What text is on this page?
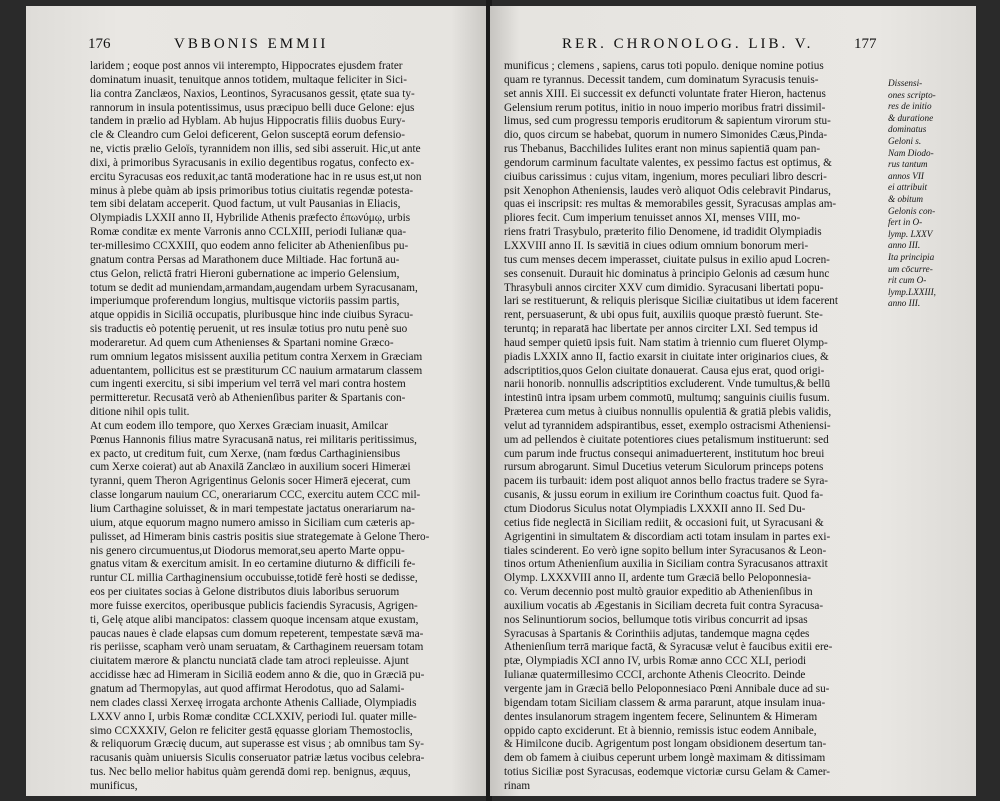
176	VBBONIS EMMII
laridem ; eoque post annos vii interempto, Hippocrates ejusdem frater
dominatum inuasit, tenuitque annos totidem, multaque feliciter in Sici-
lia contra Zanclæos, Naxios, Leontinos, Syracusanos gessit, ętate sua ty-
rannorum in insula potentissimus, usus præcipuo belli duce Gelone: ejus
tandem in prælio ad Hyblam. Ab hujus Hippocratis filiis duobus Eury-
cle & Cleandro cum Geloi deficerent, Gelon susceptā eorum defensio-
ne, victis prælio Geloïs, tyrannidem non illis, sed sibi asseruit. Hic,ut ante
dixi, à primoribus Syracusanis in exilio degentibus rogatus, confecto ex-
ercitu Syracusas eos reduxit,ac tantā moderatione hac in re usus est,ut non
minus à plebe quàm ab ipsis primoribus totius ciuitatis regendæ potesta-
tem sibi delatam acceperit. Quod factum, ut vult Pausanias in Eliacis,
Olympiadis LXXII anno II, Hybrilide Athenis præfecto ἐπωνύμῳ, urbis
Romæ conditæ ex mente Varronis anno CCLXIII, periodi Iulianæ qua-
ter-millesimo CCXXIII, quo eodem anno feliciter ab Athenienſibus pu-
gnatum contra Persas ad Marathonem duce Miltiade. Hac fortunā au-
ctus Gelon, relictā fratri Hieroni gubernatione ac imperio Gelensium,
totum se dedit ad muniendam,armandam,augendam urbem Syracusanam,
imperiumque proferendum longius, multisque victoriis passim partis,
atque oppidis in Siciliā occupatis, pluribusque hinc inde ciuibus Syracu-
sis traductis eò potentię peruenit, ut res insulæ totius pro nutu penè suo
moderaretur. Ad quem cum Athenienses & Spartani nomine Græco-
rum omnium legatos misissent auxilia petitum contra Xerxem in Græciam
aduentantem, pollicitus est se præstiturum CC nauium armatarum classem
cum ingenti exercitu, si sibi imperium vel terrā vel mari contra hostem
permitteretur. Recusatā verò ab Athenienſibus pariter & Spartanis con-
ditione nihil opis tulit.
At cum eodem illo tempore, quo Xerxes Græciam inuasit, Amilcar
Pœnus Hannonis filius matre Syracusanā natus, rei militaris peritissimus,
ex pacto, ut creditum fuit, cum Xerxe, (nam fœdus Carthaginiensibus
cum Xerxe coierat) aut ab Anaxilā Zanclæo in auxilium soceri Himeræi
tyranni, quem Theron Agrigentinus Gelonis socer Himerā ejecerat, cum
classe longarum nauium CC, onerariarum CCC, exercitu autem CCC mil-
lium Carthagine soluisset, & in mari tempestate jactatus onerariarum na-
uium, atque equorum magno numero amisso in Siciliam cum cæteris ap-
pulisset, ad Himeram binis castris positis siue strategemate à Gelone Thero-
nis genero circumuentus,ut Diodorus memorat,seu aperto Marte oppu-
gnatus vitam & exercitum amisit. In eo certamine diuturno & difficili fe-
runtur CL millia Carthaginensium occubuisse,totidē ferè hosti se dedisse,
eos per ciuitates socias à Gelone distributos diuis laboribus seruorum
more fuisse exercitos, operibusque publicis faciendis Syracusis, Agrigen-
ti, Gelę atque alibi mancipatos: classem quoque incensam atque exustam,
paucas naues è clade elapsas cum domum repeterent, tempestate sævā ma-
ris periisse, scapham verò unam seruatam, & Carthaginem reuersam totam
ciuitatem mærore & planctu nunciatā clade tam atroci repleuisse. Ajunt
accidisse hæc ad Himeram in Siciliā eodem anno & die, quo in Græciā pu-
gnatum ad Thermopylas, aut quod affirmat Herodotus, quo ad Salami-
nem clades classi Xerxeę irrogata archonte Athenis Calliade, Olympiadis
LXXV anno I, urbis Romæ conditæ CCLXXIV, periodi Iul. quater mille-
simo CCXXXIV, Gelon re feliciter gestā ęquasse gloriam Themostoclis,
& reliquorum Græcię ducum, aut superasse est visus ; ab omnibus tam Sy-
racusanis quàm uniuersis Siculis conseruator patriæ lætus vocibus celebra-
tus. Nec bello melior habitus quàm gerendā domi rep. benignus, æquus,
munificus,
RER. CHRONOLOG. LIB. V.	177
munificus ; clemens , sapiens, carus toti populo. denique nomine potius
quam re tyrannus. Decessit tandem, cum dominatum Syracusis tenuis-
set annis XIII. Ei successit ex defuncti voluntate frater Hieron, hactenus
Gelensium rerum potitus, initio in nouo imperio moribus fratri dissimil-
limus, sed cum progressu temporis eruditorum & sapientum virorum stu-
dio, quos circum se habebat, quorum in numero Simonides Cæus,Pinda-
rus Thebanus, Bacchilides Iulites erant non minus sapientiā quam pan-
gendorum carminum facultate valentes, ex pessimo factus est optimus, &
ciuibus carissimus : cujus vitam, ingenium, mores peculiari libro descri-
psit Xenophon Atheniensis, laudes verò aliquot Odis celebravit Pindarus,
quas ei inscripsit: res multas & memorabiles gessit, Syracusas amplas am-
pliores fecit. Cum imperium tenuisset annos XI, menses VIII, mo-
riens fratri Trasybulo, præterito filio Denomene, id tradidit Olympiadis
LXXVIII anno II. Is sævitiā in ciues odium omnium bonorum meri-
tus cum menses decem imperasset, ciuitate pulsus in exilio apud Locren-
ses consenuit. Durauit hic dominatus à principio Gelonis ad cæsum hunc
Thrasybuli annos circiter XXV cum dimidio. Syracusani libertati popu-
lari se restituerunt, & reliquis plerisque Siciliæ ciuitatibus ut idem facerent
rent, persuaserunt, & ubi opus fuit, auxiliis quoque præstò fuerunt. Ste-
teruntq; in reparatā hac libertate per annos circiter LXI. Sed tempus id
haud semper quietū ipsis fuit. Nam statim à triennio cum flueret Olymp-
piadis LXXIX anno II, factio exarsit in ciuitate inter originarios ciues, &
adscriptitios,quos Gelon ciuitate donauerat. Causa ejus erat, quod origi-
narii honorib. nonnullis adscriptitios excluderent. Vnde tumultus,& bellū
intestinū intra ipsam urbem commotū, multumq; sanguinis ciuilis fusum.
Præterea cum metus à ciuibus nonnullis opulentiā & gratiā plebis validis,
velut ad tyrannidem adspirantibus, esset, exemplo ostracismi Atheniensi-
um ad pellendos è ciuitate potentiores ciues petalismum instituerunt: sed
cum parum inde fructus consequi animaduerterent, institutum hoc breui
rursum abrogarunt. Simul Ducetius veterum Siculorum princeps potens
pacem iis turbauit: idem post aliquot annos bello fractus tradere se Syra-
cusanis, & jussu eorum in exilium ire Corinthum coactus fuit. Quod fa-
ctum Diodorus Siculus notat Olympiadis LXXXII anno II. Sed Du-
cetius fide neglectā in Siciliam rediit, & occasioni fuit, ut Syracusani &
Agrigentini in simultatem & discordiam acti totam insulam in partes exi-
tiales scinderent. Eo verò igne sopito bellum inter Syracusanos & Leon-
tinos ortum Athenienſium auxilia in Siciliam contra Syracusanos attraxit
Olymp. LXXXVIII anno II, ardente tum Græciā bello Peloponnesia-
co. Verum decennio post multò grauior expeditio ab Athenienſibus in
auxilium vocatis ab Ægestanis in Siciliam decreta fuit contra Syracusa-
nos Selinuntiorum socios, bellumque totis viribus concurrit ad ipsas
Syracusas à Spartanis & Corinthiis adjutas, tandemque magna cędes
Athenienſium terrā marique factā, & Syracusæ velut è faucibus exitii ere-
ptæ, Olympiadis XCI anno IV, urbis Romæ anno CCC XLI, periodi
Iulianæ quatermillesimo CCCI, archonte Athenis Cleocrito. Deinde
vergente jam in Græciā bello Peloponnesiaco Pœni Annibale duce ad su-
bigendam totam Siciliam classem & arma pararunt, atque insulam inua-
dentes insulanorum stragem ingentem fecere, Selinuntem & Himeram
oppido capto exciderunt. Et à biennio, remissis istuc eodem Annibale,
& Himilcone ducib. Agrigentum post longam obsidionem desertum tan-
dem ob famem à ciuibus ceperunt urbem longè maximam & ditissimam
totius Siciliæ post Syracusas, eodemque victoriæ cursu Gelam & Camer-
rinam
Dissensi-
ones scripto-
res de initio
& duratione
dominatus
Geloni s.
Nam Diodo-
rus tantum
annos VII
ei attribuit
& obitum
Gelonis con-
fert in O-
lymp. LXXV
anno III.
Ita principia
um cōcurre-
rit cum O-
lymp.LXXIII,
anno III.
